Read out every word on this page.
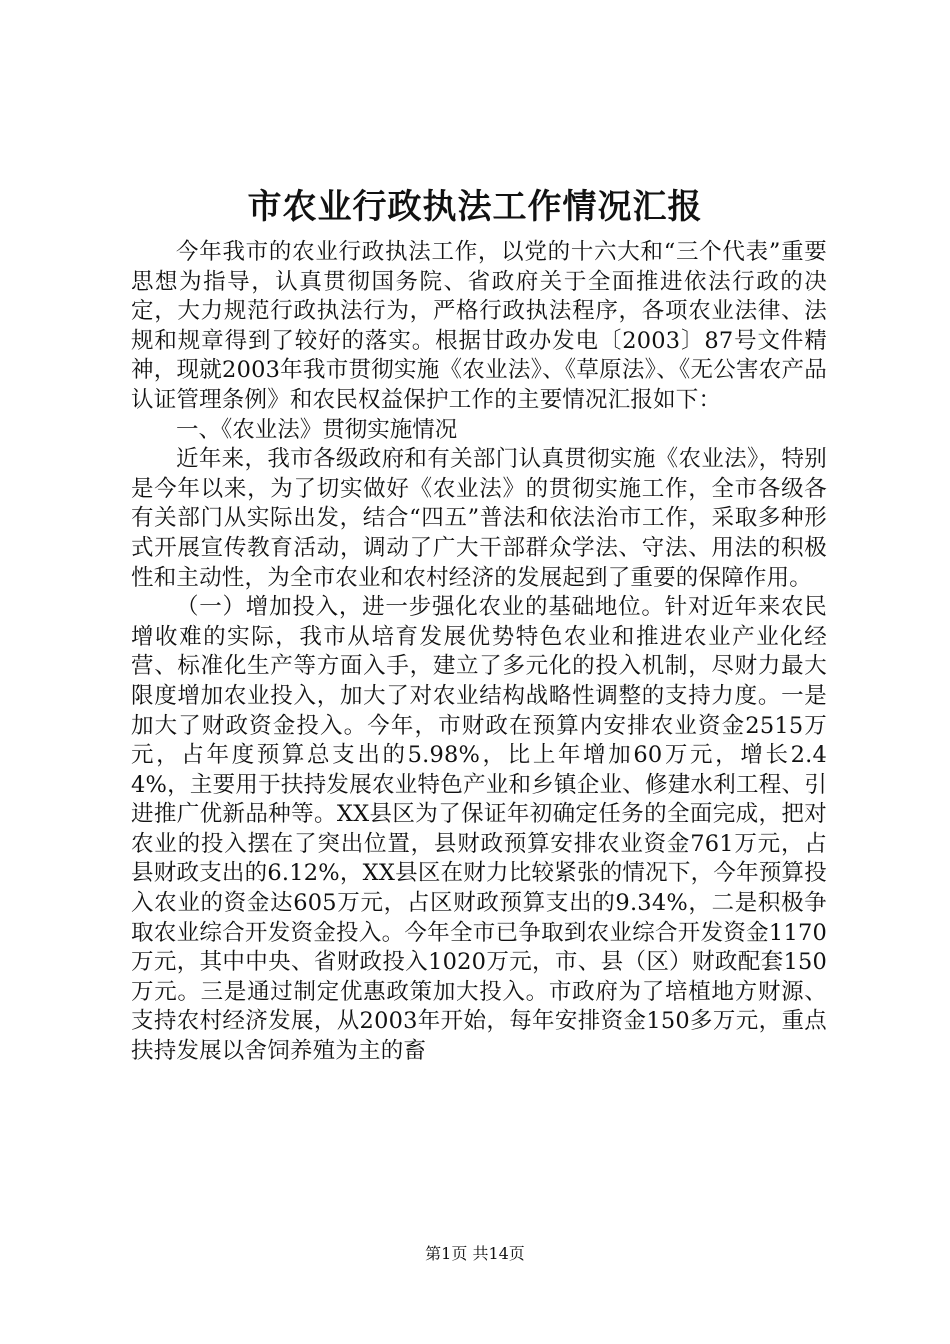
市农业行政执法工作情况汇报

今年我市的农业行政执法工作，以党的十六大和“三个代表”重要思想为指导，认真贯彻国务院、省政府关于全面推进依法行政的决定，大力规范行政执法行为，严格行政执法程序，各项农业法律、法规和规章得到了较好的落实。根据甘政办发电〔2003〕87号文件精神，现就2003年我市贯彻实施《农业法》、《草原法》、《无公害农产品认证管理条例》和农民权益保护工作的主要情况汇报如下：

一、《农业法》贯彻实施情况

近年来，我市各级政府和有关部门认真贯彻实施《农业法》，特别是今年以来，为了切实做好《农业法》的贯彻实施工作，全市各级各有关部门从实际出发，结合“四五”普法和依法治市工作，采取多种形式开展宣传教育活动，调动了广大干部群众学法、守法、用法的积极性和主动性，为全市农业和农村经济的发展起到了重要的保障作用。

（一）增加投入，进一步强化农业的基础地位。针对近年来农民增收难的实际，我市从培育发展优势特色农业和推进农业产业化经营、标准化生产等方面入手，建立了多元化的投入机制，尽财力最大限度增加农业投入，加大了对农业结构战略性调整的支持力度。一是加大了财政资金投入。今年，市财政在预算内安排农业资金2515万元，占年度预算总支出的5.98%，比上年增加60万元，增长2.44%，主要用于扶持发展农业特色产业和乡镇企业、修建水利工程、引进推广优新品种等。XX县区为了保证年初确定任务的全面完成，把对农业的投入摆在了突出位置，县财政预算安排农业资金761万元，占县财政支出的6.12%，XX县区在财力比较紧张的情况下，今年预算投入农业的资金达605万元，占区财政预算支出的9.34%，二是积极争取农业综合开发资金投入。今年全市已争取到农业综合开发资金1170万元，其中中央、省财政投入1020万元，市、县（区）财政配套150万元。三是通过制定优惠政策加大投入。市政府为了培植地方财源、支持农村经济发展，从2003年开始，每年安排资金150多万元，重点扶持发展以舍饲养殖为主的畜

第1页 共14页
